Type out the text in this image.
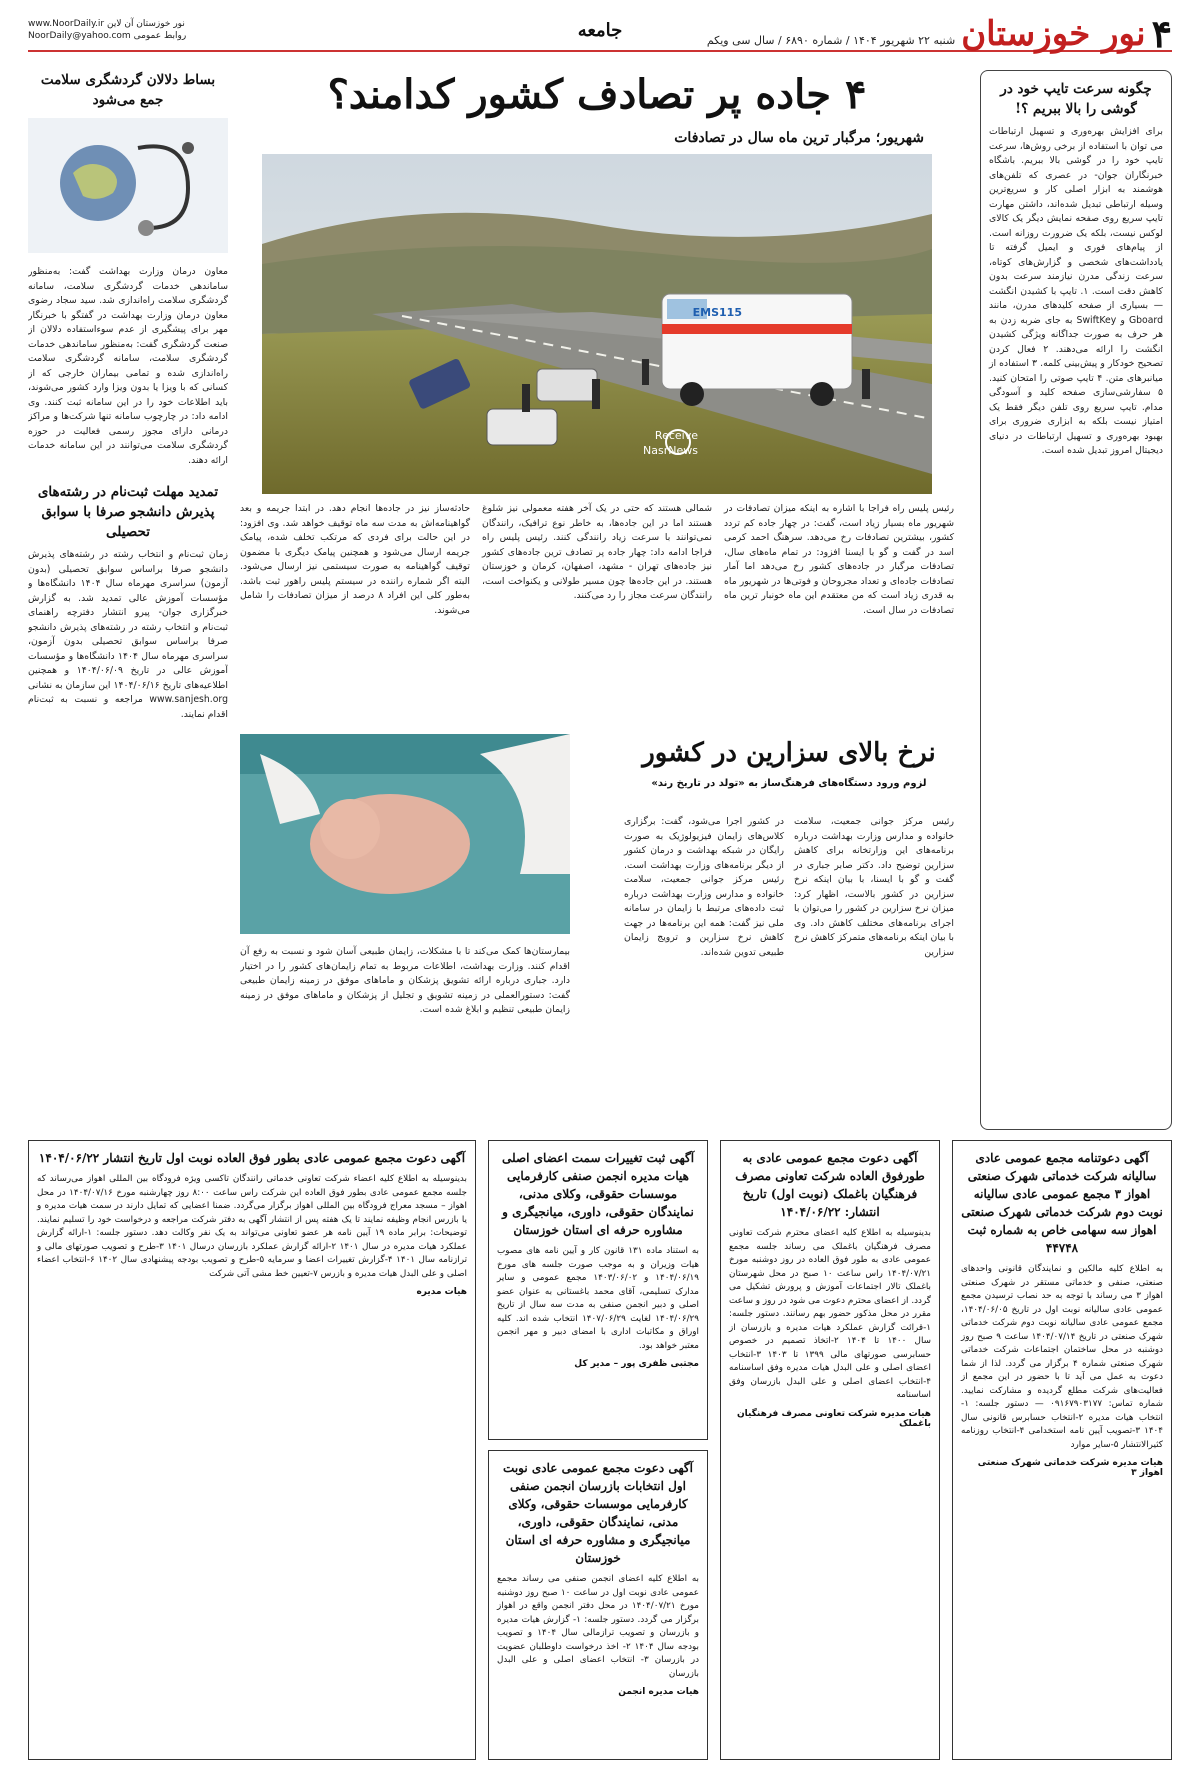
۴
نور خوزستان
شنبه ۲۲ شهریور ۱۴۰۴ / شماره ۶۸۹۰ / سال سی ویکم
جامعه
www.NoorDaily.ir نور خوزستان آن لاین
NoorDaily@yahoo.com روابط عمومی
چگونه سرعت تایپ خود در گوشی را بالا ببریم ؟!
برای افزایش بهره‌وری و تسهیل ارتباطات می توان با استفاده از برخی روش‌ها، سرعت تایپ خود را در گوشی بالا ببریم. باشگاه خبرنگاران جوان- در عصری که تلفن‌های هوشمند به ابزار اصلی کار و سریع‌ترین وسیله ارتباطی تبدیل شده‌اند، داشتن مهارت تایپ سریع روی صفحه نمایش دیگر یک کالای لوکس نیست، بلکه یک ضرورت روزانه است. از پیام‌های فوری و ایمیل گرفته تا یادداشت‌های شخصی و گزارش‌های کوتاه، سرعت زندگی مدرن نیازمند سرعت بدون کاهش دقت است. ۱. تایپ با کشیدن انگشت — بسیاری از صفحه کلیدهای مدرن، مانند Gboard و SwiftKey به جای ضربه زدن به هر حرف به صورت جداگانه ویژگی کشیدن انگشت را ارائه می‌دهند. ۲ فعال کردن تصحیح خودکار و پیش‌بینی کلمه. ۳ استفاده از میانبرهای متن. ۴ تایپ صوتی را امتحان کنید. ۵ سفارشی‌سازی صفحه کلید و آسودگی مدام. تایپ سریع روی تلفن دیگر فقط یک امتیاز نیست بلکه به ابزاری ضروری برای بهبود بهره‌وری و تسهیل ارتباطات در دنیای دیجیتال امروز تبدیل شده است.
۴ جاده پر تصادف کشور کدامند؟
شهریور؛ مرگبار ترین ماه سال در تصادفات
EMS115
Receive
NasrNews
رئیس پلیس راه فراجا با اشاره به اینکه میزان تصادفات در شهریور ماه بسیار زیاد است، گفت: در چهار جاده کم تردد کشور، بیشترین تصادفات رخ می‌دهد. سرهنگ احمد کرمی اسد در گفت‌ و گو با ایسنا افزود: در تمام ماه‌های سال، تصادفات مرگبار در جاده‌های کشور رخ می‌دهد اما آمار تصادفات جاده‌ای و تعداد مجروحان و فوتی‌ها در شهریور ماه به قدری زیاد است که من معتقدم این ماه خونبار ترین ماه تصادفات در سال است.
شمالی هستند که حتی در یک آخر هفته معمولی نیز شلوغ هستند اما در این جاده‌ها، به خاطر نوع ترافیک، رانندگان نمی‌توانند با سرعت زیاد رانندگی کنند. رئیس پلیس راه فراجا ادامه داد: چهار جاده پر تصادف ترین جاده‌های کشور نیز جاده‌های تهران - مشهد، اصفهان، کرمان و خوزستان هستند. در این جاده‌ها چون مسیر طولانی و یکنواخت است، رانندگان سرعت مجاز را رد می‌کنند.
حادثه‌ساز نیز در جاده‌ها انجام دهد. در ابتدا جریمه و بعد گواهینامه‌اش به مدت سه ماه توقیف خواهد شد. وی افزود: در این حالت برای فردی که مرتکب تخلف شده، پیامک جریمه ارسال می‌شود و همچنین پیامک دیگری با مضمون توقیف گواهینامه به صورت سیستمی نیز ارسال می‌شود. البته اگر شماره راننده در سیستم پلیس راهور ثبت باشد. به‌طور کلی این افراد ۸ درصد از میزان تصادفات را شامل می‌شوند.
نرخ بالای سزارین در کشور
لزوم ورود دستگاه‌های فرهنگ‌ساز به «تولد در تاریخ رند»
رئیس مرکز جوانی جمعیت، سلامت خانواده و مدارس وزارت بهداشت درباره برنامه‌های این وزارتخانه برای کاهش سزارین توضیح داد. دکتر صابر جباری در گفت‌ و گو با ایسنا، با بیان اینکه نرخ سزارین در کشور بالاست، اظهار کرد: میزان نرخ سزارین در کشور را می‌توان با اجرای برنامه‌های مختلف کاهش داد. وی با بیان اینکه برنامه‌های متمرکز کاهش نرخ سزارین
در کشور اجرا می‌شود، گفت: برگزاری کلاس‌های زایمان فیزیولوژیک به صورت رایگان در شبکه بهداشت و درمان کشور از دیگر برنامه‌های وزارت بهداشت است. رئیس مرکز جوانی جمعیت، سلامت خانواده و مدارس وزارت بهداشت درباره ثبت داده‌های مرتبط با زایمان در سامانه ملی نیز گفت: همه این برنامه‌ها در جهت کاهش نرخ سزارین و ترویج زایمان طبیعی تدوین شده‌اند.
بیمارستان‌ها کمک می‌کند تا با مشکلات، زایمان طبیعی آسان شود و نسبت به رفع آن اقدام کنند. وزارت بهداشت، اطلاعات مربوط به تمام زایمان‌های کشور را در اختیار دارد. جباری درباره ارائه تشویق پزشکان و ماماهای موفق در زمینه زایمان طبیعی گفت: دستورالعملی در زمینه تشویق و تجلیل از پزشکان و ماماهای موفق در زمینه زایمان طبیعی تنظیم و ابلاغ شده است.
بساط دلالان گردشگری سلامت جمع می‌شود
معاون درمان وزارت بهداشت گفت: به‌منظور ساماندهی خدمات گردشگری سلامت، سامانه گردشگری سلامت راه‌اندازی شد. سید سجاد رضوی معاون درمان وزارت بهداشت در گفتگو با خبرنگار مهر برای پیشگیری از عدم سوءاستفاده دلالان از صنعت گردشگری گفت: به‌منظور ساماندهی خدمات گردشگری سلامت، سامانه گردشگری سلامت راه‌اندازی شده و تمامی بیماران خارجی که از کسانی که با ویزا یا بدون ویزا وارد کشور می‌شوند، باید اطلاعات خود را در این سامانه ثبت کنند. وی ادامه داد: در چارچوب سامانه تنها شرکت‌ها و مراکز درمانی دارای مجوز رسمی فعالیت در حوزه گردشگری سلامت می‌توانند در این سامانه خدمات ارائه دهند.
تمدید مهلت ثبت‌نام در رشته‌های پذیرش دانشجو صرفا با سوابق تحصیلی
زمان ثبت‌نام و انتخاب رشته در رشته‌های پذیرش دانشجو صرفا براساس سوابق تحصیلی (بدون آزمون) سراسری مهرماه سال ۱۴۰۴ دانشگاه‌ها و مؤسسات آموزش عالی تمدید شد. به گزارش خبرگزاری جوان- پیرو انتشار دفترچه راهنمای ثبت‌نام و انتخاب رشته در رشته‌های پذیرش دانشجو صرفا براساس سوابق تحصیلی بدون آزمون، سراسری مهرماه سال ۱۴۰۴ دانشگاه‌ها و مؤسسات آموزش عالی در تاریخ ۱۴۰۴/۰۶/۰۹ و همچنین اطلاعیه‌های تاریخ ۱۴۰۴/۰۶/۱۶ این سازمان به نشانی www.sanjesh.org مراجعه و نسبت به ثبت‌نام اقدام نمایند.
آگهی دعوتنامه مجمع عمومی عادی سالیانه شرکت خدماتی شهرک صنعتی اهواز ۳ مجمع عمومی عادی سالیانه نوبت دوم شرکت خدماتی شهرک صنعتی اهواز سه سهامی خاص به شماره ثبت ۴۴۷۴۸
به اطلاع کلیه مالکین و نمایندگان قانونی واحدهای صنعتی، صنفی و خدماتی مستقر در شهرک صنعتی اهواز ۳ می رساند با توجه به حد نصاب ترسیدن مجمع عمومی عادی سالیانه نوبت اول در تاریخ ۱۴۰۴/۰۶/۰۵، مجمع عمومی عادی سالیانه نوبت دوم شرکت خدماتی شهرک صنعتی در تاریخ ۱۴۰۴/۰۷/۱۴ ساعت ۹ صبح روز دوشنبه در محل ساختمان اجتماعات شرکت خدماتی شهرک صنعتی شماره ۴ برگزار می گردد. لذا از شما دعوت به عمل می آید تا با حضور در این مجمع از فعالیت‌های شرکت مطلع گردیده و مشارکت نمایید. شماره تماس: ۰۹۱۶۷۹۰۳۱۷۷ — دستور جلسه: ۱-انتخاب هیات مدیره ۲-انتخاب حسابرس قانونی سال ۱۴۰۴ ۳-تصویب آیین نامه استخدامی ۴-انتخاب روزنامه کثیرالانتشار ۵-سایر موارد
هیات مدیره شرکت خدماتی شهرک صنعتی اهواز ۳
آگهی دعوت مجمع عمومی عادی به طورفوق العاده شرکت تعاونی مصرف فرهنگیان باغملک (نوبت اول) تاریخ انتشار: ۱۴۰۴/۰۶/۲۲
بدینوسیله به اطلاع کلیه اعضای محترم شرکت تعاونی مصرف فرهنگیان باغملک می رساند جلسه مجمع عمومی عادی به طور فوق العاده در روز دوشنبه مورخ ۱۴۰۴/۰۷/۲۱ راس ساعت ۱۰ صبح در محل شهرستان باغملک تالار اجتماعات آموزش و پرورش تشکیل می گردد. از اعضای محترم دعوت می شود در روز و ساعت مقرر در محل مذکور حضور بهم رسانند. دستور جلسه: ۱-قرائت گزارش عملکرد هیات مدیره و بازرسان از سال ۱۴۰۰ تا ۱۴۰۴ ۲-اتخاذ تصمیم در خصوص حسابرسی صورتهای مالی ۱۳۹۹ تا ۱۴۰۳ ۳-انتخاب اعضای اصلی و علی البدل هیات مدیره وفق اساسنامه ۴-انتخاب اعضای اصلی و علی البدل بازرسان وفق اساسنامه
هیات مدیره شرکت تعاونی مصرف فرهنگیان باغملک
آگهی ثبت تغییرات سمت اعضای اصلی هیات مدیره انجمن صنفی کارفرمایی موسسات حقوقی، وکلای مدنی، نمایندگان حقوقی، داوری، میانجیگری و مشاوره حرفه ای استان خوزستان
به استناد ماده ۱۳۱ قانون کار و آیین نامه های مصوب هیات وزیران و به موجب صورت جلسه های مورخ ۱۴۰۴/۰۶/۱۹ و ۱۴۰۳/۰۶/۰۲ مجمع عمومی و سایر مدارک تسلیمی، آقای محمد باغستانی به عنوان عضو اصلی و دبیر انجمن صنفی به مدت سه سال از تاریخ ۱۴۰۴/۰۶/۲۹ لغایت ۱۴۰۷/۰۶/۲۹ انتخاب شده اند. کلیه اوراق و مکاتبات اداری با امضای دبیر و مهر انجمن معتبر خواهد بود.
مجتبی ظفری پور – مدیر کل
آگهی دعوت مجمع عمومی عادی نوبت اول انتخابات بازرسان انجمن صنفی کارفرمایی موسسات حقوقی، وکلای مدنی، نمایندگان حقوقی، داوری، میانجیگری و مشاوره حرفه ای استان خوزستان
به اطلاع کلیه اعضای انجمن صنفی می رساند مجمع عمومی عادی نوبت اول در ساعت ۱۰ صبح روز دوشنبه مورخ ۱۴۰۴/۰۷/۲۱ در محل دفتر انجمن واقع در اهواز برگزار می گردد. دستور جلسه: ۱- گزارش هیات مدیره و بازرسان و تصویب ترازمالی سال ۱۴۰۴ و تصویب بودجه سال ۱۴۰۴ ۲- اخذ درخواست داوطلبان عضویت در بازرسان ۳- انتخاب اعضای اصلی و علی البدل بازرسان
هیات مدیره انجمن
آگهی دعوت مجمع عمومی عادی بطور فوق العاده نوبت اول تاریخ انتشار ۱۴۰۴/۰۶/۲۲
بدینوسیله به اطلاع کلیه اعضاء شرکت تعاونی خدماتی رانندگان تاکسی ویژه فرودگاه بین المللی اهواز می‌رساند که جلسه مجمع عمومی عادی بطور فوق العاده این شرکت راس ساعت ۸:۰۰ روز چهارشنبه مورخ ۱۴۰۴/۰۷/۱۶ در محل اهواز – مسجد معراج فرودگاه بین المللی اهواز برگزار می‌گردد. ضمنا اعضایی که تمایل دارند در سمت هیات مدیره و یا بازرس انجام وظیفه نمایند تا یک هفته پس از انتشار آگهی به دفتر شرکت مراجعه و درخواست خود را تسلیم نمایند. توضیحات: برابر ماده ۱۹ آیین نامه هر عضو تعاونی می‌تواند به یک نفر وکالت دهد. دستور جلسه: ۱-ارائه گزارش عملکرد هیات مدیره در سال ۱۴۰۱ ۲-ارائه گزارش عملکرد بازرسان درسال ۱۴۰۱ ۳-طرح و تصویب صورتهای مالی و ترازنامه سال ۱۴۰۱ ۴-گزارش تغییرات اعضا و سرمایه ۵-طرح و تصویب بودجه پیشنهادی سال ۱۴۰۲ ۶-انتخاب اعضاء اصلی و علی البدل هیات مدیره و بازرس ۷-تعیین خط مشی آتی شرکت
هیات مدیره
